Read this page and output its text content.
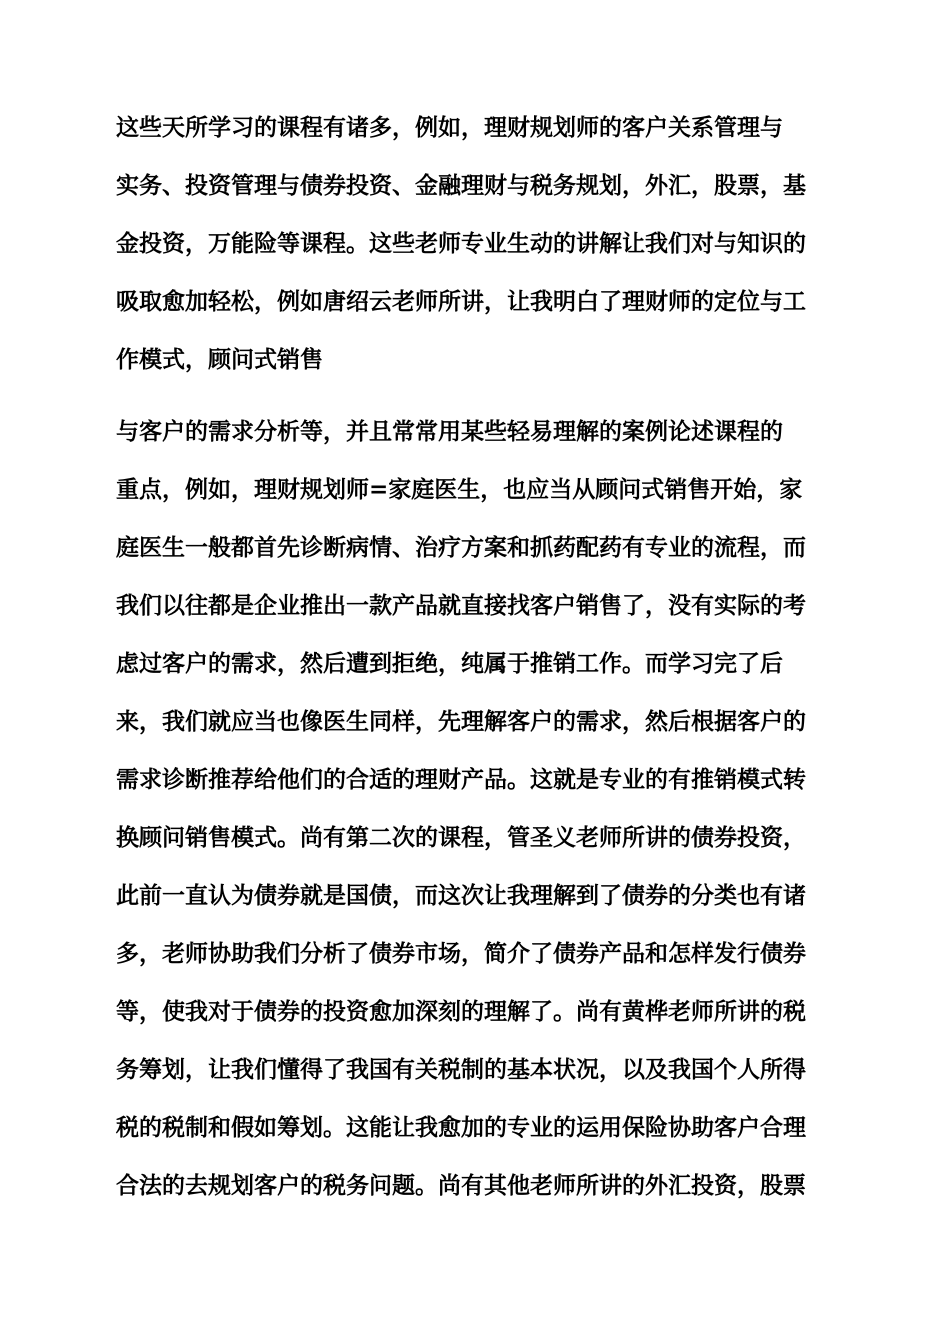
这些天所学习的课程有诸多，例如，理财规划师的客户关系管理与
实务、投资管理与债券投资、金融理财与税务规划，外汇，股票，基
金投资，万能险等课程。这些老师专业生动的讲解让我们对与知识的
吸取愈加轻松，例如唐绍云老师所讲，让我明白了理财师的定位与工
作模式，顾问式销售
与客户的需求分析等，并且常常用某些轻易理解的案例论述课程的
重点，例如，理财规划师=家庭医生，也应当从顾问式销售开始，家
庭医生一般都首先诊断病情、治疗方案和抓药配药有专业的流程，而
我们以往都是企业推出一款产品就直接找客户销售了，没有实际的考
虑过客户的需求，然后遭到拒绝，纯属于推销工作。而学习完了后
来，我们就应当也像医生同样，先理解客户的需求，然后根据客户的
需求诊断推荐给他们的合适的理财产品。这就是专业的有推销模式转
换顾问销售模式。尚有第二次的课程，管圣义老师所讲的债券投资，
此前一直认为债券就是国债，而这次让我理解到了债券的分类也有诸
多，老师协助我们分析了债券市场，简介了债券产品和怎样发行债券
等，使我对于债券的投资愈加深刻的理解了。尚有黄桦老师所讲的税
务筹划，让我们懂得了我国有关税制的基本状况，以及我国个人所得
税的税制和假如筹划。这能让我愈加的专业的运用保险协助客户合理
合法的去规划客户的税务问题。尚有其他老师所讲的外汇投资，股票
